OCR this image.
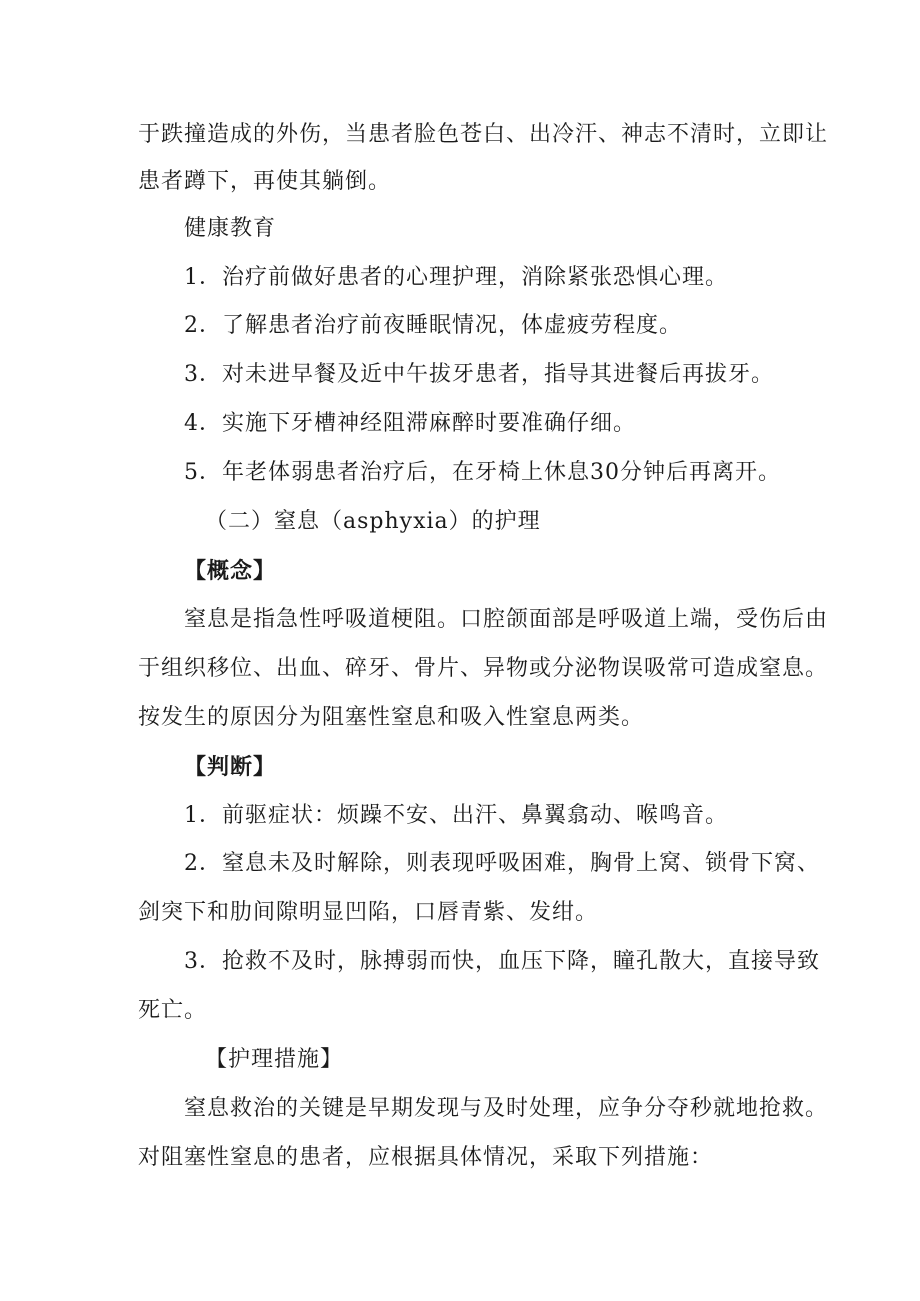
于跌撞造成的外伤，当患者脸色苍白、出冷汗、神志不清时，立即让
患者蹲下，再使其躺倒。
健康教育
1．治疗前做好患者的心理护理，消除紧张恐惧心理。
2．了解患者治疗前夜睡眠情况，体虚疲劳程度。
3．对未进早餐及近中午拔牙患者，指导其进餐后再拔牙。
4．实施下牙槽神经阻滞麻醉时要准确仔细。
5．年老体弱患者治疗后，在牙椅上休息30分钟后再离开。
（二）窒息（asphyxia）的护理
【概念】
窒息是指急性呼吸道梗阻。口腔颌面部是呼吸道上端，受伤后由
于组织移位、出血、碎牙、骨片、异物或分泌物误吸常可造成窒息。
按发生的原因分为阻塞性窒息和吸入性窒息两类。
【判断】
1．前驱症状：烦躁不安、出汗、鼻翼翕动、喉鸣音。
2．窒息未及时解除，则表现呼吸困难，胸骨上窝、锁骨下窝、
剑突下和肋间隙明显凹陷，口唇青紫、发绀。
3．抢救不及时，脉搏弱而快，血压下降，瞳孔散大，直接导致
死亡。
【护理措施】
窒息救治的关键是早期发现与及时处理，应争分夺秒就地抢救。
对阻塞性窒息的患者，应根据具体情况，采取下列措施：
